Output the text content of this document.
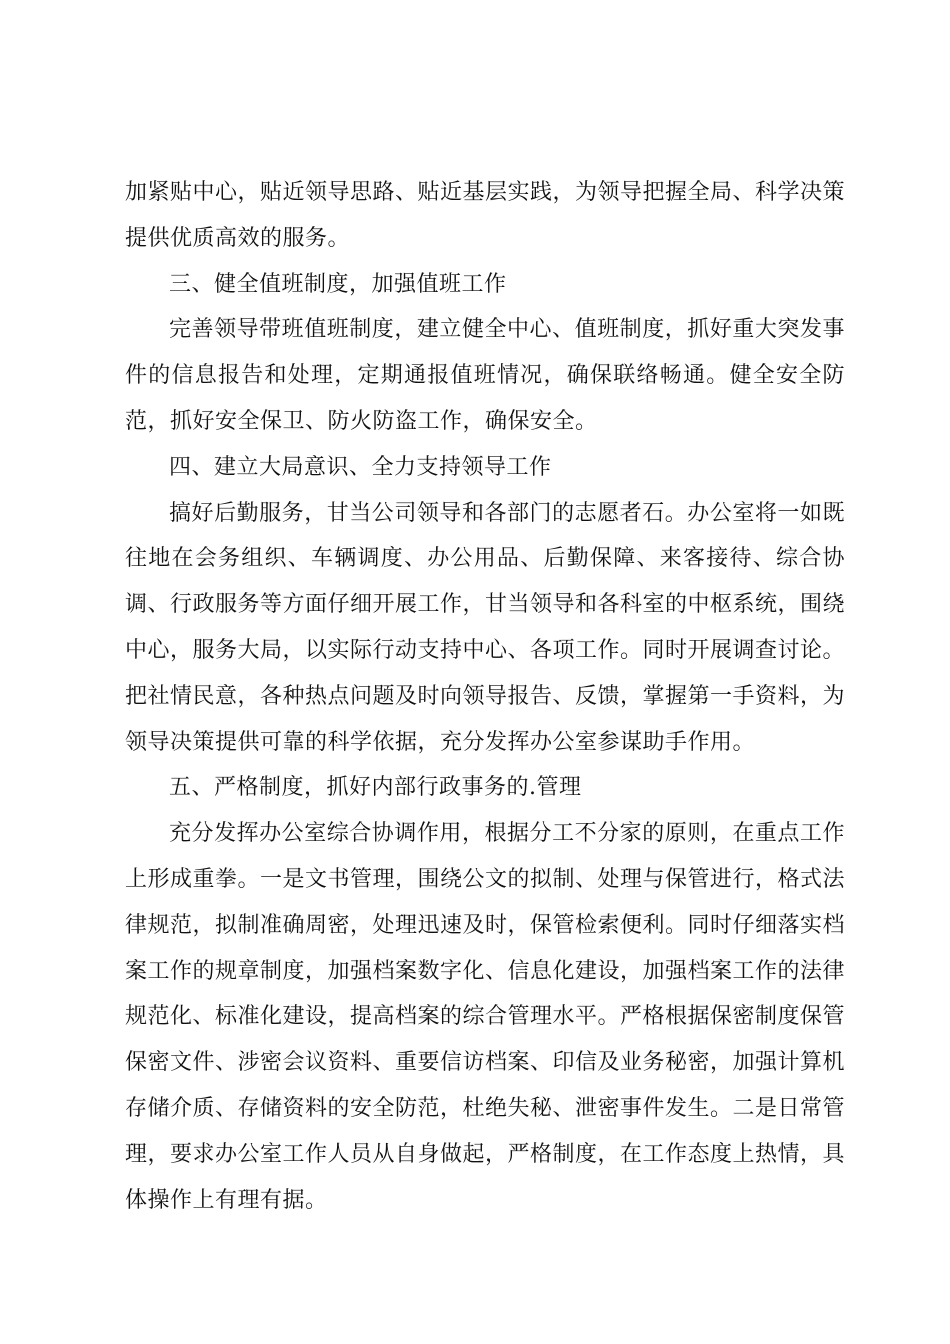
加紧贴中心，贴近领导思路、贴近基层实践，为领导把握全局、科学决策提供优质高效的服务。

三、健全值班制度，加强值班工作

完善领导带班值班制度，建立健全中心、值班制度，抓好重大突发事件的信息报告和处理，定期通报值班情况，确保联络畅通。健全安全防范，抓好安全保卫、防火防盗工作，确保安全。

四、建立大局意识、全力支持领导工作

搞好后勤服务，甘当公司领导和各部门的志愿者石。办公室将一如既往地在会务组织、车辆调度、办公用品、后勤保障、来客接待、综合协调、行政服务等方面仔细开展工作，甘当领导和各科室的中枢系统，围绕中心，服务大局，以实际行动支持中心、各项工作。同时开展调查讨论。把社情民意，各种热点问题及时向领导报告、反馈，掌握第一手资料，为领导决策提供可靠的科学依据，充分发挥办公室参谋助手作用。

五、严格制度，抓好内部行政事务的.管理

充分发挥办公室综合协调作用，根据分工不分家的原则，在重点工作上形成重拳。一是文书管理，围绕公文的拟制、处理与保管进行，格式法律规范，拟制准确周密，处理迅速及时，保管检索便利。同时仔细落实档案工作的规章制度，加强档案数字化、信息化建设，加强档案工作的法律规范化、标准化建设，提高档案的综合管理水平。严格根据保密制度保管保密文件、涉密会议资料、重要信访档案、印信及业务秘密，加强计算机存储介质、存储资料的安全防范，杜绝失秘、泄密事件发生。二是日常管理，要求办公室工作人员从自身做起，严格制度，在工作态度上热情，具体操作上有理有据。
